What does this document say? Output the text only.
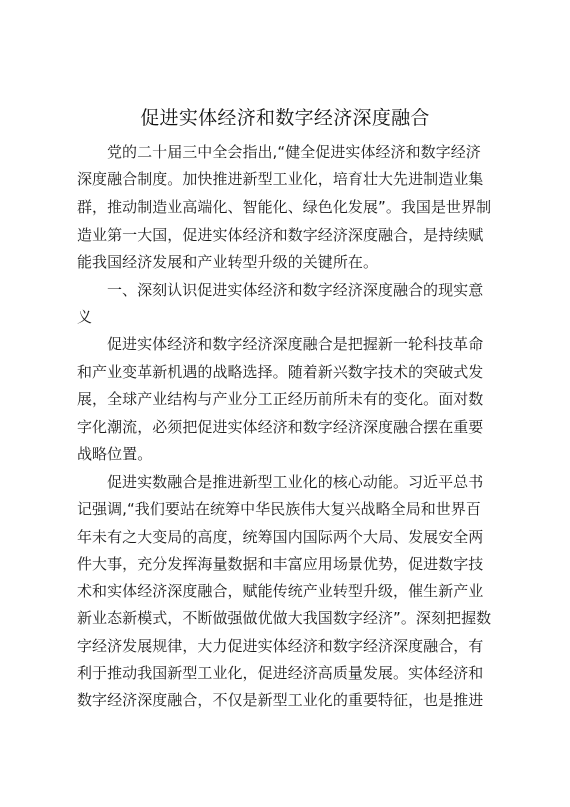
促进实体经济和数字经济深度融合
党的二十届三中全会指出,“健全促进实体经济和数字经济
深度融合制度。加快推进新型工业化，培育壮大先进制造业集
群，推动制造业高端化、智能化、绿色化发展”。我国是世界制
造业第一大国，促进实体经济和数字经济深度融合，是持续赋
能我国经济发展和产业转型升级的关键所在。
一、深刻认识促进实体经济和数字经济深度融合的现实意
义
促进实体经济和数字经济深度融合是把握新一轮科技革命
和产业变革新机遇的战略选择。随着新兴数字技术的突破式发
展，全球产业结构与产业分工正经历前所未有的变化。面对数
字化潮流，必须把促进实体经济和数字经济深度融合摆在重要
战略位置。
促进实数融合是推进新型工业化的核心动能。习近平总书
记强调,“我们要站在统筹中华民族伟大复兴战略全局和世界百
年未有之大变局的高度，统筹国内国际两个大局、发展安全两
件大事，充分发挥海量数据和丰富应用场景优势，促进数字技
术和实体经济深度融合，赋能传统产业转型升级，催生新产业
新业态新模式，不断做强做优做大我国数字经济”。深刻把握数
字经济发展规律，大力促进实体经济和数字经济深度融合，有
利于推动我国新型工业化，促进经济高质量发展。实体经济和
数字经济深度融合，不仅是新型工业化的重要特征，也是推进
